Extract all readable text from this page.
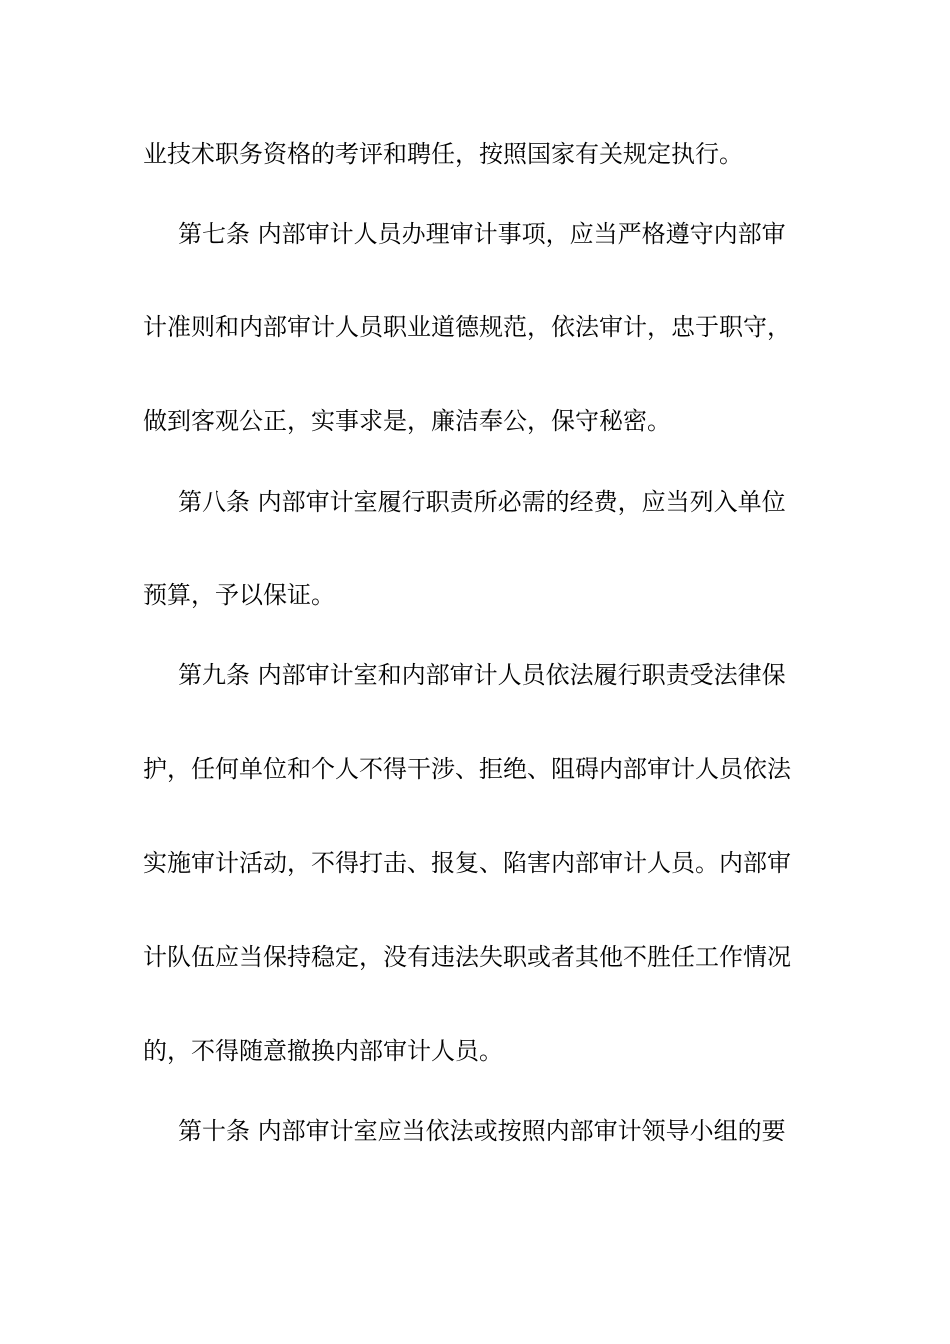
业技术职务资格的考评和聘任，按照国家有关规定执行。
第七条 内部审计人员办理审计事项，应当严格遵守内部审
计准则和内部审计人员职业道德规范，依法审计，忠于职守，
做到客观公正，实事求是，廉洁奉公，保守秘密。
第八条 内部审计室履行职责所必需的经费，应当列入单位
预算，予以保证。
第九条 内部审计室和内部审计人员依法履行职责受法律保
护，任何单位和个人不得干涉、拒绝、阻碍内部审计人员依法
实施审计活动，不得打击、报复、陷害内部审计人员。内部审
计队伍应当保持稳定，没有违法失职或者其他不胜任工作情况
的，不得随意撤换内部审计人员。
第十条 内部审计室应当依法或按照内部审计领导小组的要
